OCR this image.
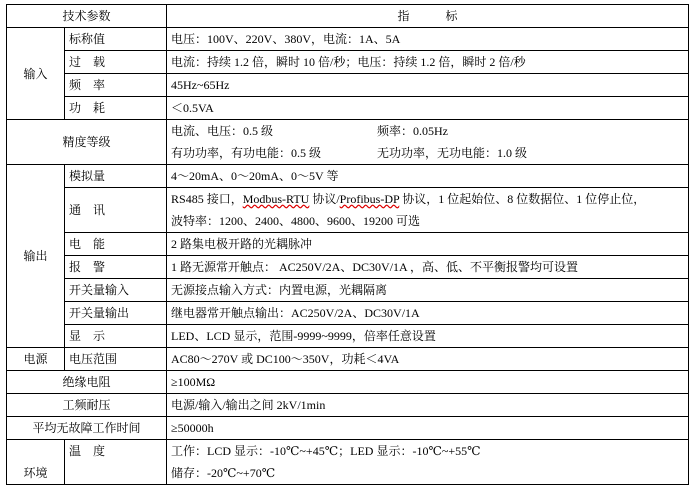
技术参数		指　　　标
输入	标称值	电压：100V、220V、380V，电流：1A、5A
	过　载	电流：持续 1.2 倍，瞬时 10 倍/秒；电压：持续 1.2 倍，瞬时 2 倍/秒
	频　率	45Hz~65Hz
	功　耗	＜0.5VA
精度等级		电流、电压：0.5 级 频率：0.05Hz
有功功率，有功电能：0.5 级 无功功率，无功电能：1.0 级

输出	模拟量	4～20mA、0～20mA、0～5V 等
	通　讯	RS485 接口，Modbus-RTU 协议/Profibus-DP 协议，1 位起始位、8 位数据位、1 位停止位，
波特率：1200、2400、4800、9600、19200 可选

	电　能	2 路集电极开路的光耦脉冲
	报　警	1 路无源常开触点： AC250V/2A、DC30V/1A ，高、低、不平衡报警均可设置
	开关量输入	无源接点输入方式：内置电源，光耦隔离
	开关量输出	继电器常开触点输出：AC250V/2A、DC30V/1A
	显　示	LED、LCD 显示，范围-9999~9999，倍率任意设置
电源	电压范围	AC80～270V 或 DC100～350V，功耗＜4VA
绝缘电阻		≥100MΩ
工频耐压		电源/输入/输出之间 2kV/1min
平均无故障工作时间		≥50000h
环境	温　度	工作：LCD 显示：-10℃~+45℃；LED 显示：-10℃~+55℃
储存：-20℃~+70℃
